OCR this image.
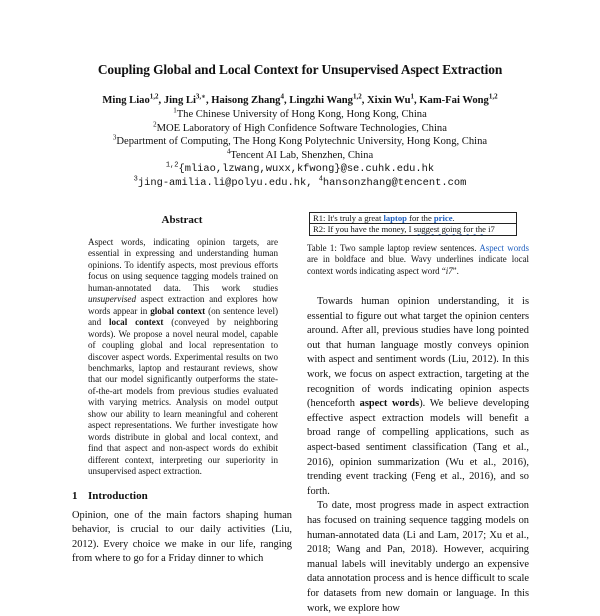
Coupling Global and Local Context for Unsupervised Aspect Extraction
Ming Liao$^{1,2}$, Jing $Li^{3,∗}$, Haisong Zhang$^4$, Lingzhi Wang$^{1,2}$, Xixin Wu$^1$, Kam-Fai Wong$^{1,2}$
$^1$The Chinese University of Hong Kong, Hong Kong, China
$^2$MOE Laboratory of High Confidence Software Technologies, China
$^3$Department of Computing, The Hong Kong Polytechnic University, Hong Kong, China
$^4$Tencent AI Lab, Shenzhen, China
$^{1,2}${mliao,lzwang,wuxx,kfwong}@se.cuhk.edu.hk
$^3$jing-amilia.li@polyu.edu.hk, $^4$hansonzhang@tencent.com
Abstract

Aspect words, indicating opinion targets, are essential in expressing and understanding human opinions. To identify aspects, most previous efforts focus on using sequence tagging models trained on human-annotated data. This work studies unsupervised aspect extraction and explores how words appear in global context (on sentence level) and local context (conveyed by neighboring words). We propose a novel neural model, capable of coupling global and local representation to discover aspect words. Experimental results on two benchmarks, laptop and restaurant reviews, show that our model significantly outperforms the state-of-the-art models from previous studies evaluated with varying metrics. Analysis on model output show our ability to learn meaningful and coherent aspect representations. We further investigate how words distribute in global and local context, and find that aspect and non-aspect words do exhibit different context, interpreting our superiority in unsupervised aspect extraction.

1 Introduction

Opinion, one of the main factors shaping human behavior, is crucial to our daily activities (Liu, 2012). Every choice we make in our life, ranging from where to go for a Friday dinner to which

R1: It's truly a great laptop for the price.
R2: If you have the money, I suggest going for the i7
Table 1: Two sample laptop review sentences. Aspect words are in boldface and blue. Wavy underlines indicate local context words indicating aspect word “i7”.

Towards human opinion understanding, it is essential to figure out what target the opinion centers around. After all, previous studies have long pointed out that human language mostly conveys opinion with aspect and sentiment words (Liu, 2012). In this work, we focus on aspect extraction, targeting at the recognition of words indicating opinion aspects (henceforth aspect words). We believe developing effective aspect extraction models will benefit a broad range of compelling applications, such as aspect-based sentiment classification (Tang et al., 2016), opinion summarization (Wu et al., 2016), trending event tracking (Feng et al., 2016), and so forth.

To date, most progress made in aspect extraction has focused on training sequence tagging models on human-annotated data (Li and Lam, 2017; Xu et al., 2018; Wang and Pan, 2018). However, acquiring manual labels will inevitably undergo an expensive data annotation process and is hence difficult to scale for datasets from new domain or language. In this work, we explore how
